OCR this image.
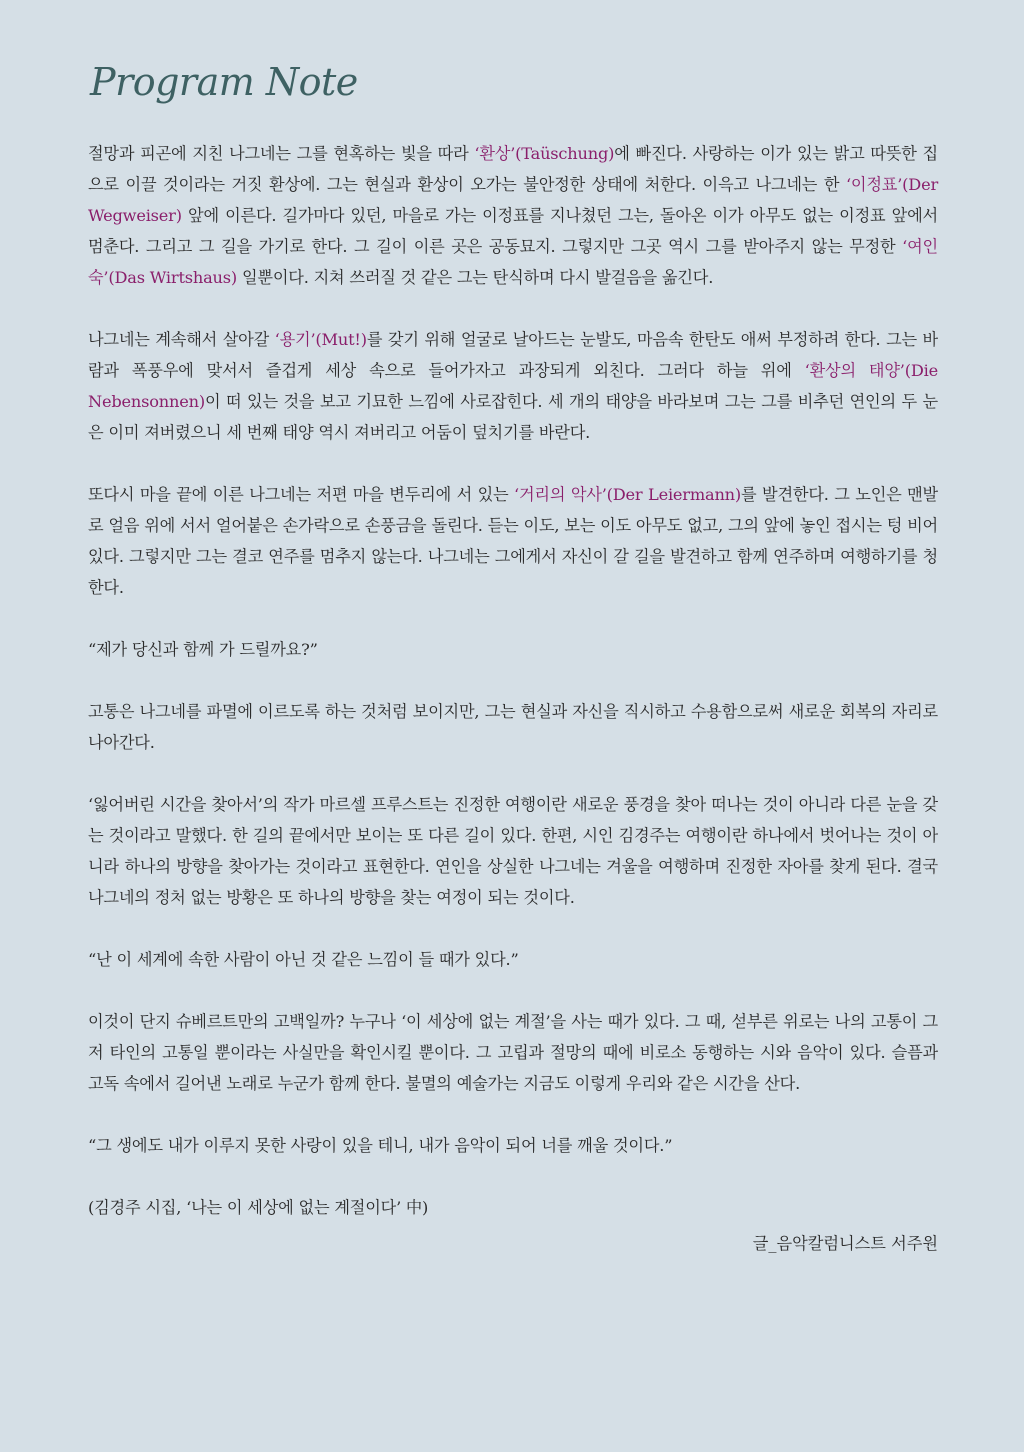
Program Note

절망과 피곤에 지친 나그네는 그를 현혹하는 빛을 따라 ‘환상’(Taüschung)에 빠진다. 사랑하는 이가 있는 밝고 따뜻한 집으로 이끌 것이라는 거짓 환상에. 그는 현실과 환상이 오가는 불안정한 상태에 처한다. 이윽고 나그네는 한 ‘이정표’(Der Wegweiser) 앞에 이른다. 길가마다 있던, 마을로 가는 이정표를 지나쳤던 그는, 돌아온 이가 아무도 없는 이정표 앞에서 멈춘다. 그리고 그 길을 가기로 한다. 그 길이 이른 곳은 공동묘지. 그렇지만 그곳 역시 그를 받아주지 않는 무정한 ‘여인숙’(Das Wirtshaus) 일뿐이다. 지쳐 쓰러질 것 같은 그는 탄식하며 다시 발걸음을 옮긴다.

나그네는 계속해서 살아갈 ‘용기’(Mut!)를 갖기 위해 얼굴로 날아드는 눈발도, 마음속 한탄도 애써 부정하려 한다. 그는 바람과 폭풍우에 맞서서 즐겁게 세상 속으로 들어가자고 과장되게 외친다. 그러다 하늘 위에 ‘환상의 태양’(Die Nebensonnen)이 떠 있는 것을 보고 기묘한 느낌에 사로잡힌다. 세 개의 태양을 바라보며 그는 그를 비추던 연인의 두 눈은 이미 져버렸으니 세 번째 태양 역시 져버리고 어둠이 덮치기를 바란다.

또다시 마을 끝에 이른 나그네는 저편 마을 변두리에 서 있는 ‘거리의 악사’(Der Leiermann)를 발견한다. 그 노인은 맨발로 얼음 위에 서서 얼어붙은 손가락으로 손풍금을 돌린다. 듣는 이도, 보는 이도 아무도 없고, 그의 앞에 놓인 접시는 텅 비어있다. 그렇지만 그는 결코 연주를 멈추지 않는다. 나그네는 그에게서 자신이 갈 길을 발견하고 함께 연주하며 여행하기를 청한다.

“제가 당신과 함께 가 드릴까요?”

고통은 나그네를 파멸에 이르도록 하는 것처럼 보이지만, 그는 현실과 자신을 직시하고 수용함으로써 새로운 회복의 자리로 나아간다.

‘잃어버린 시간을 찾아서’의 작가 마르셀 프루스트는 진정한 여행이란 새로운 풍경을 찾아 떠나는 것이 아니라 다른 눈을 갖는 것이라고 말했다. 한 길의 끝에서만 보이는 또 다른 길이 있다. 한편, 시인 김경주는 여행이란 하나에서 벗어나는 것이 아니라 하나의 방향을 찾아가는 것이라고 표현한다. 연인을 상실한 나그네는 겨울을 여행하며 진정한 자아를 찾게 된다. 결국 나그네의 정처 없는 방황은 또 하나의 방향을 찾는 여정이 되는 것이다.

“난 이 세계에 속한 사람이 아닌 것 같은 느낌이 들 때가 있다.”

이것이 단지 슈베르트만의 고백일까? 누구나 ‘이 세상에 없는 계절’을 사는 때가 있다. 그 때, 섣부른 위로는 나의 고통이 그저 타인의 고통일 뿐이라는 사실만을 확인시킬 뿐이다. 그 고립과 절망의 때에 비로소 동행하는 시와 음악이 있다. 슬픔과 고독 속에서 길어낸 노래로 누군가 함께 한다. 불멸의 예술가는 지금도 이렇게 우리와 같은 시간을 산다.

“그 생에도 내가 이루지 못한 사랑이 있을 테니, 내가 음악이 되어 너를 깨울 것이다.”

(김경주 시집, ‘나는 이 세상에 없는 계절이다’ 中)

글_음악칼럼니스트 서주원
